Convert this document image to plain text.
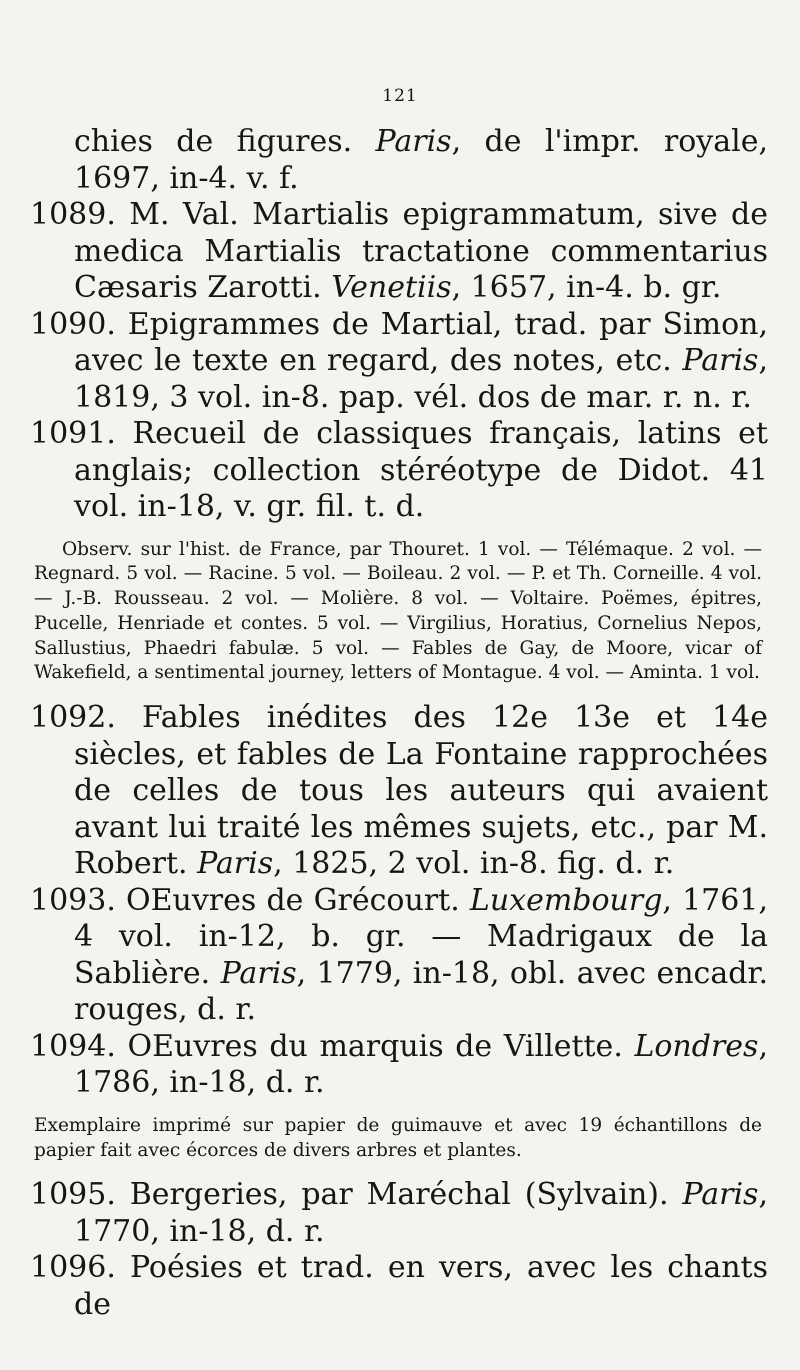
121

chies de figures. Paris, de l'impr. royale, 1697, in-4. v. f.

1089. M. Val. Martialis epigrammatum, sive de medica Martialis tractatione commentarius Cæsaris Zarotti. Venetiis, 1657, in-4. b. gr.

1090. Epigrammes de Martial, trad. par Simon, avec le texte en regard, des notes, etc. Paris, 1819, 3 vol. in-8. pap. vél. dos de mar. r. n. r.

1091. Recueil de classiques français, latins et anglais; collection stéréotype de Didot. 41 vol. in-18, v. gr. fil. t. d.

Observ. sur l'hist. de France, par Thouret. 1 vol. — Télémaque. 2 vol. — Regnard. 5 vol. — Racine. 5 vol. — Boileau. 2 vol. — P. et Th. Corneille. 4 vol. — J.-B. Rousseau. 2 vol. — Molière. 8 vol. — Voltaire. Poëmes, épitres, Pucelle, Henriade et contes. 5 vol. — Virgilius, Horatius, Cornelius Nepos, Sallustius, Phaedri fabulæ. 5 vol. — Fables de Gay, de Moore, vicar of Wakefield, a sentimental journey, letters of Montague. 4 vol. — Aminta. 1 vol.

1092. Fables inédites des 12e 13e et 14e siècles, et fables de La Fontaine rapprochées de celles de tous les auteurs qui avaient avant lui traité les mêmes sujets, etc., par M. Robert. Paris, 1825, 2 vol. in-8. fig. d. r.

1093. OEuvres de Grécourt. Luxembourg, 1761, 4 vol. in-12, b. gr. — Madrigaux de la Sablière. Paris, 1779, in-18, obl. avec encadr. rouges, d. r.

1094. OEuvres du marquis de Villette. Londres, 1786, in-18, d. r.

Exemplaire imprimé sur papier de guimauve et avec 19 échantillons de papier fait avec écorces de divers arbres et plantes.

1095. Bergeries, par Maréchal (Sylvain). Paris, 1770, in-18, d. r.

1096. Poésies et trad. en vers, avec les chants de
